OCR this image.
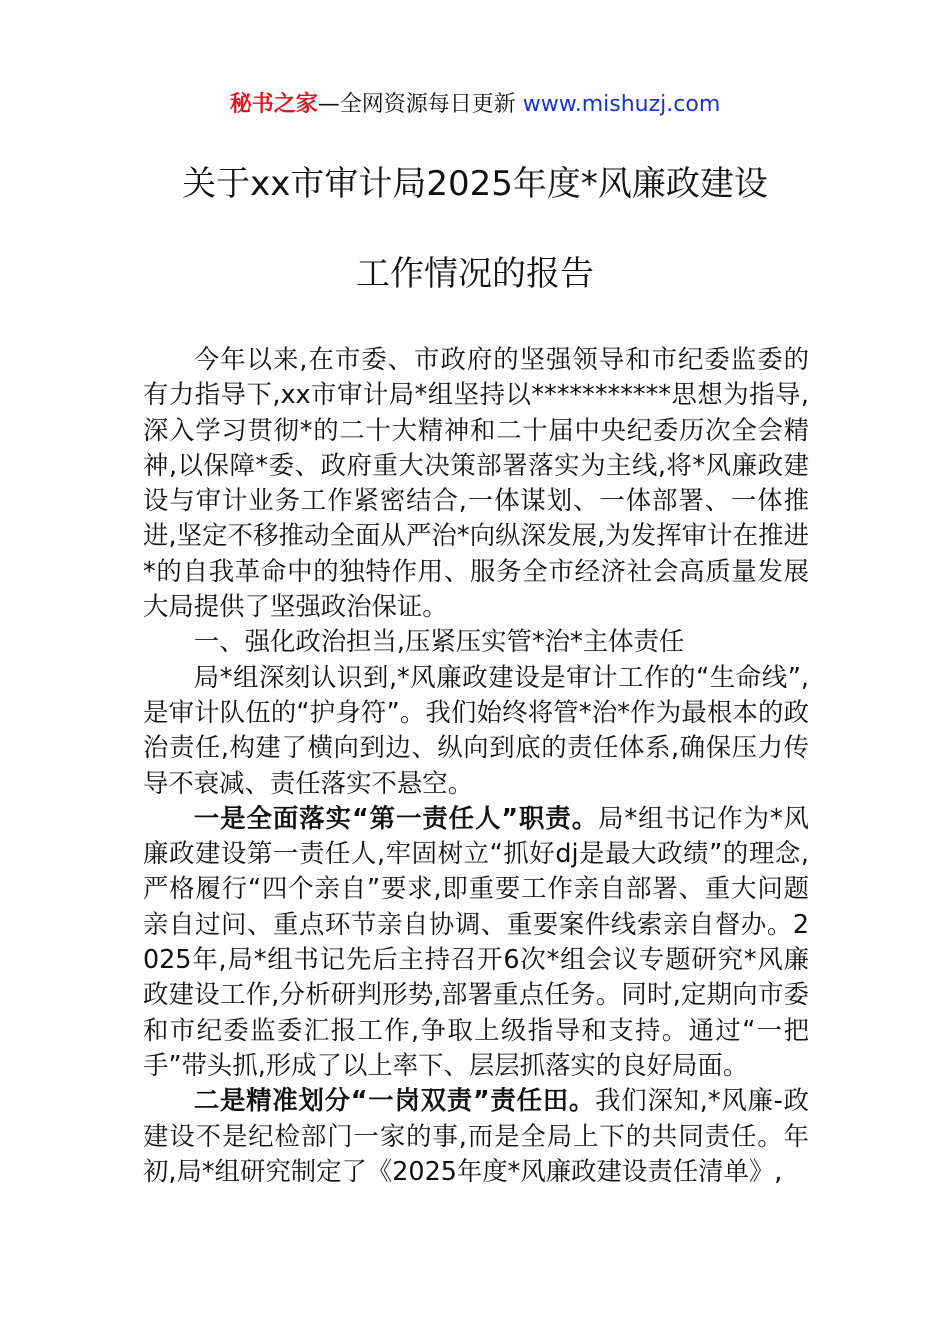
秘书之家—全网资源每日更新 www.mishuzj.com
关于xx市审计局2025年度*风廉政建设
工作情况的报告

今年以来,在市委、市政府的坚强领导和市纪委监委的有力指导下,xx市审计局*组坚持以***********思想为指导,深入学习贯彻*的二十大精神和二十届中央纪委历次全会精神,以保障*委、政府重大决策部署落实为主线,将*风廉政建设与审计业务工作紧密结合,一体谋划、一体部署、一体推进,坚定不移推动全面从严治*向纵深发展,为发挥审计在推进*的自我革命中的独特作用、服务全市经济社会高质量发展大局提供了坚强政治保证。

一、强化政治担当,压紧压实管*治*主体责任

局*组深刻认识到,*风廉政建设是审计工作的“生命线”,是审计队伍的“护身符”。我们始终将管*治*作为最根本的政治责任,构建了横向到边、纵向到底的责任体系,确保压力传导不衰减、责任落实不悬空。

一是全面落实“第一责任人”职责。局*组书记作为*风廉政建设第一责任人,牢固树立“抓好dj是最大政绩”的理念,严格履行“四个亲自”要求,即重要工作亲自部署、重大问题亲自过问、重点环节亲自协调、重要案件线索亲自督办。2025年,局*组书记先后主持召开6次*组会议专题研究*风廉政建设工作,分析研判形势,部署重点任务。同时,定期向市委和市纪委监委汇报工作,争取上级指导和支持。通过“一把手”带头抓,形成了以上率下、层层抓落实的良好局面。

二是精准划分“一岗双责”责任田。我们深知,*风廉-政建设不是纪检部门一家的事,而是全局上下的共同责任。年初,局*组研究制定了《2025年度*风廉政建设责任清单》,
